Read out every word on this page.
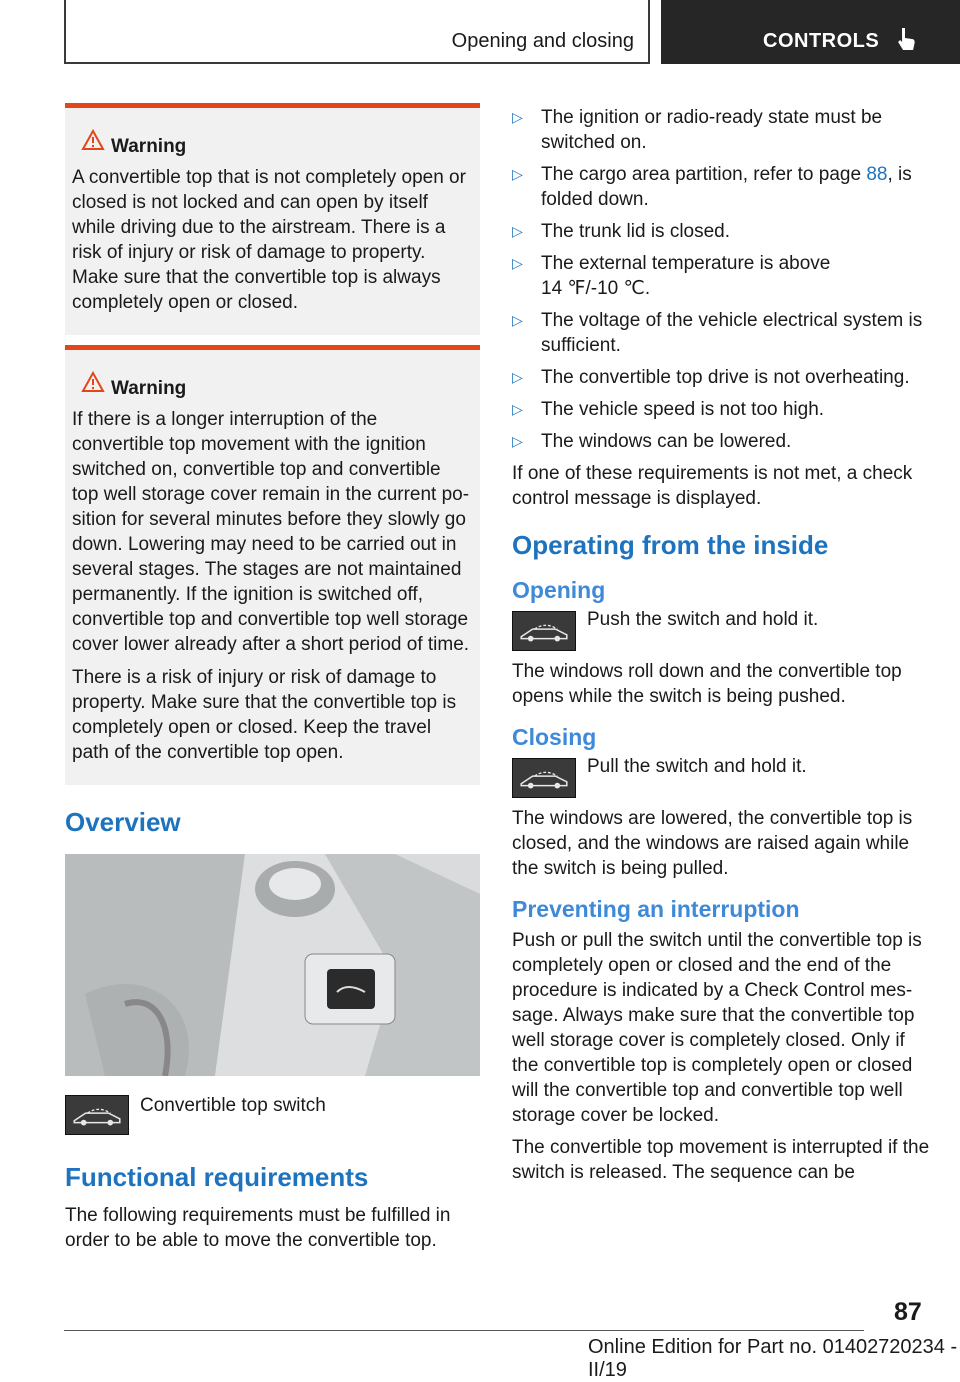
Opening and closing	CONTROLS
Warning

A convertible top that is not completely open or closed is not locked and can open by itself while driving due to the airstream. There is a risk of injury or risk of damage to property. Make sure that the convertible top is always completely open or closed.

Warning

If there is a longer interruption of the convertible top movement with the ignition switched on, convertible top and convertible top well storage cover remain in the current position for several minutes before they slowly go down. Lowering may need to be carried out in several stages. The stages are not maintained permanently. If the ignition is switched off, convertible top and convertible top well storage cover lower already after a short period of time.

There is a risk of injury or risk of damage to property. Make sure that the convertible top is completely open or closed. Keep the travel path of the convertible top open.

Overview
Convertible top switch
Functional requirements

The following requirements must be fulfilled in order to be able to move the convertible top.

▷ The ignition or radio-ready state must be switched on.
▷ The cargo area partition, refer to page 88, is folded down.
▷ The trunk lid is closed.
▷ The external temperature is above
14 ℉/-10 ℃.
▷ The voltage of the vehicle electrical system is sufficient.
▷ The convertible top drive is not overheating.
▷ The vehicle speed is not too high.
▷ The windows can be lowered.

If one of these requirements is not met, a check control message is displayed.

Operating from the inside
Opening
Push the switch and hold it.

The windows roll down and the convertible top opens while the switch is being pushed.

Closing
Pull the switch and hold it.

The windows are lowered, the convertible top is closed, and the windows are raised again while the switch is being pulled.

Preventing an interruption

Push or pull the switch until the convertible top is completely open or closed and the end of the procedure is indicated by a Check Control message. Always make sure that the convertible top well storage cover is completely closed. Only if the convertible top is completely open or closed will the convertible top and convertible top well storage cover be locked.

The convertible top movement is interrupted if the switch is released. The sequence can be

87
Online Edition for Part no. 01402720234 - II/19
